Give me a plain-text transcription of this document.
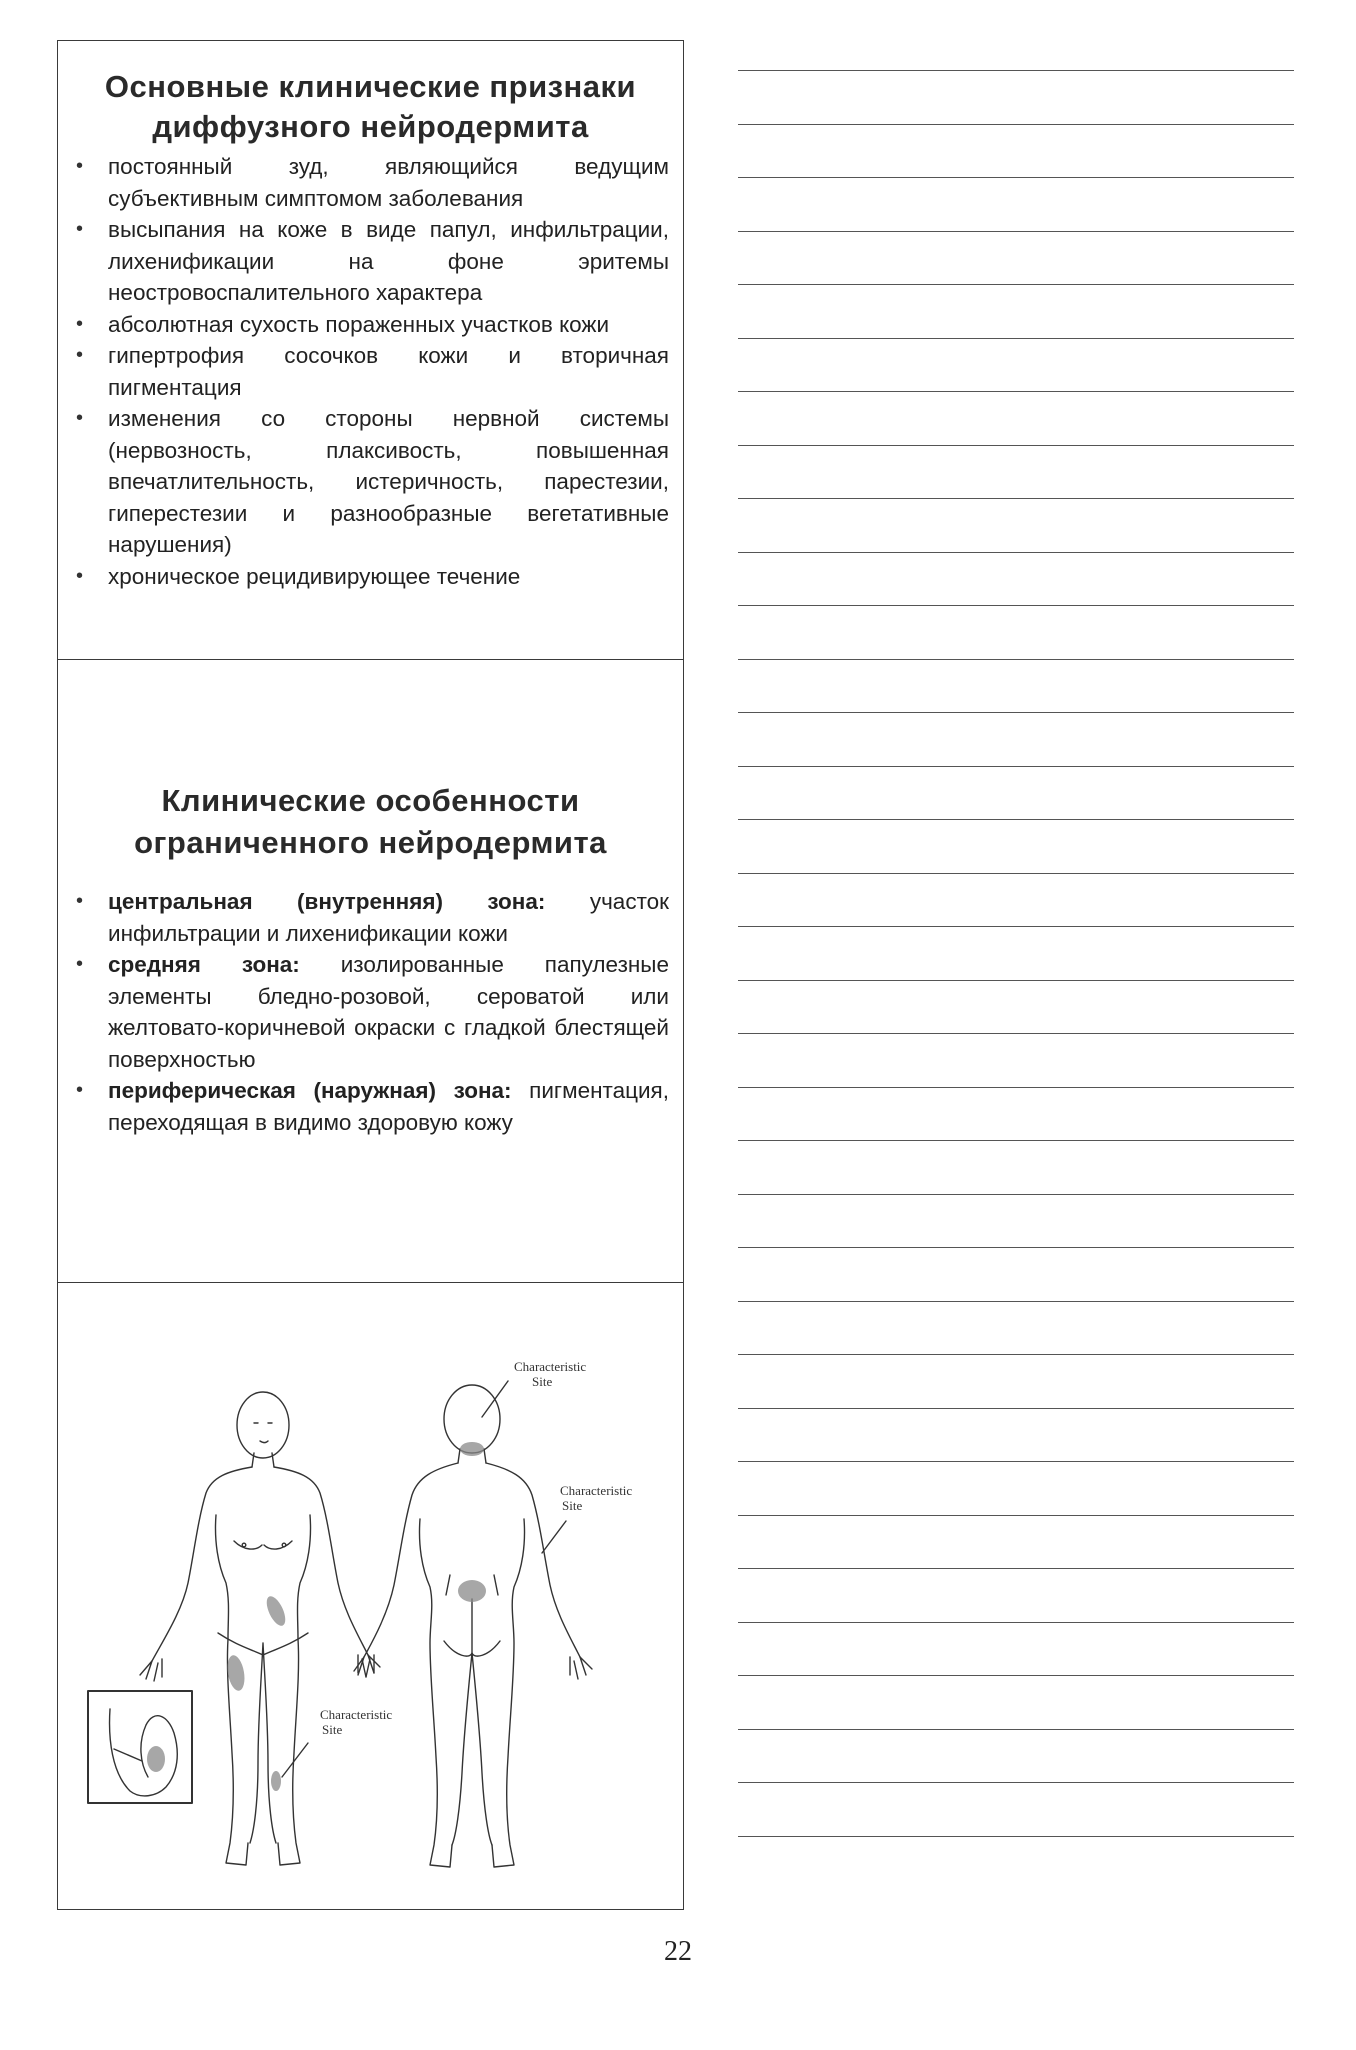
Основные клинические признаки
диффузного нейродермита
• постоянный зуд, являющийся ведущим субъективным симптомом заболевания
• высыпания на коже в виде папул, инфильтрации, лихенификации на фоне эритемы неостровоспалительного характера
• абсолютная сухость пораженных участков кожи
• гипертрофия сосочков кожи и вторичная пигментация
• изменения со стороны нервной системы (нервозность, плаксивость, повышенная впечатлительность, истеричность, парестезии, гиперестезии и разнообразные вегетативные нарушения)
• хроническое рецидивирующее течение
Клинические особенности
ограниченного нейродермита
• центральная (внутренняя) зона: участок инфильтрации и лихенификации кожи
• средняя зона: изолированные папулезные элементы бледно-розовой, сероватой или желтовато-коричневой окраски с гладкой блестящей поверхностью
• периферическая (наружная) зона: пигментация, переходящая в видимо здоровую кожу
Characteristic Site
Characteristic Site
Characteristic Site
22
